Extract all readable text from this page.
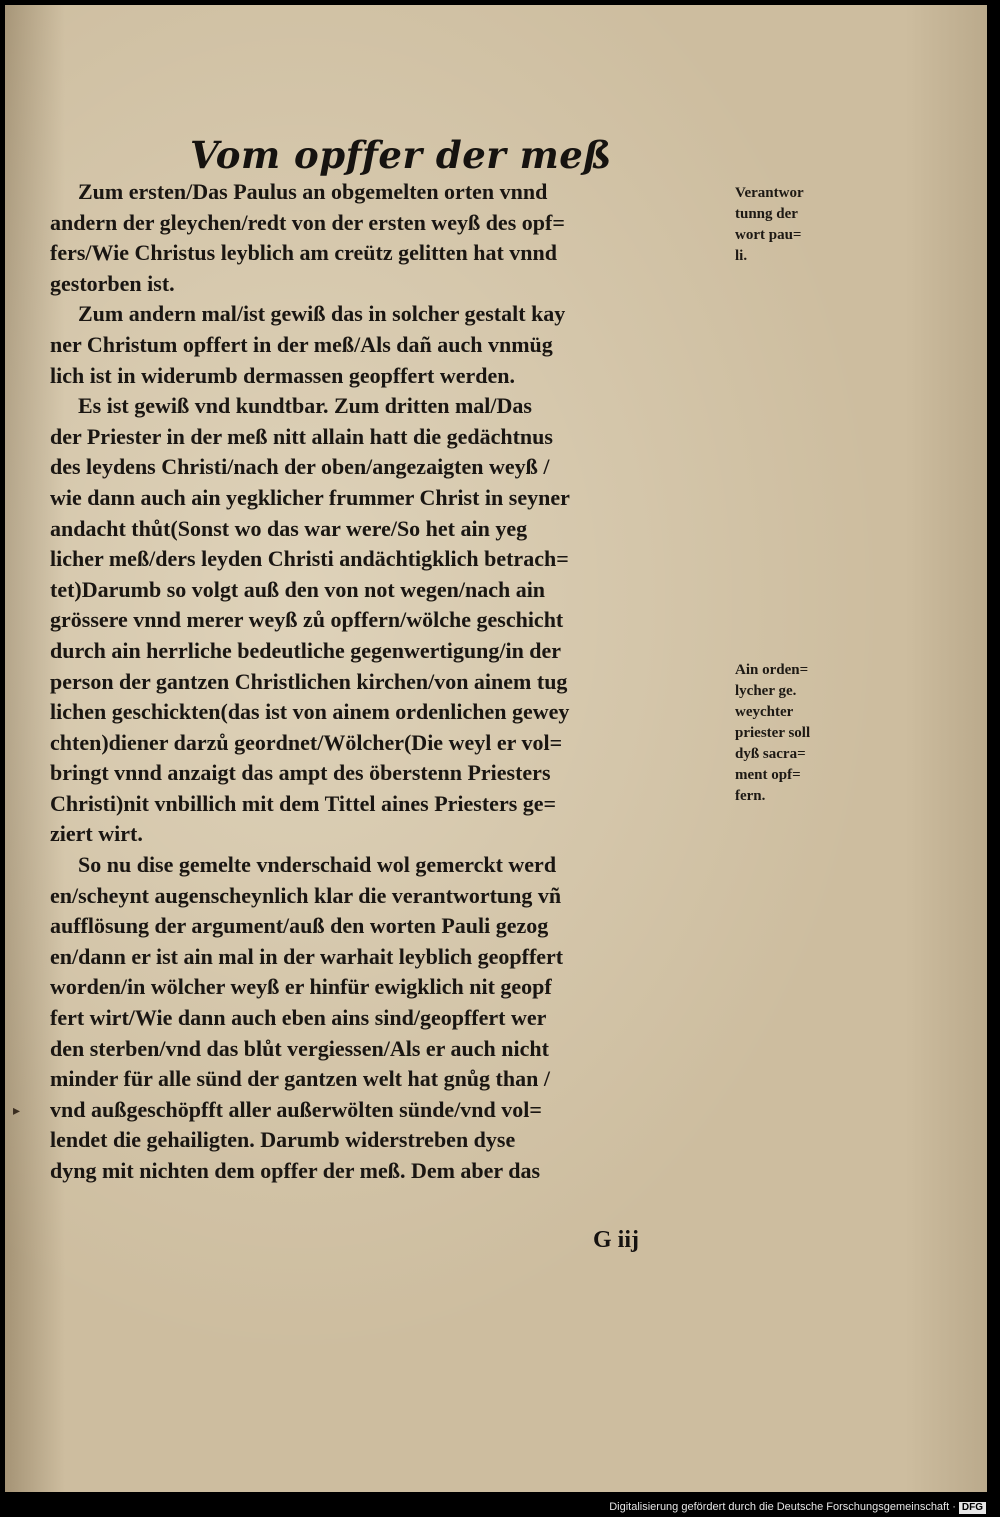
Vom opffer der meß
Zum ersten/Das Paulus an obgemelten orten vnnd
andern der gleychen/redt von der ersten weyß des opf=
fers/Wie Christus leyblich am creütz gelitten hat vnnd
gestorben ist.
Zum andern mal/ist gewiß das in solcher gestalt kay
ner Christum opffert in der meß/Als dañ auch vnmüg
lich ist in widerumb dermassen geopffert werden.
Es ist gewiß vnd kundtbar. Zum dritten mal/Das
der Priester in der meß nitt allain hatt die gedächtnus
des leydens Christi/nach der oben/angezaigten weyß /
wie dann auch ain yegklicher frummer Christ in seyner
andacht thůt(Sonst wo das war were/So het ain yeg
licher meß/ders leyden Christi andächtigklich betrach=
tet)Darumb so volgt auß den von not wegen/nach ain
grössere vnnd merer weyß zů opffern/wölche geschicht
durch ain herrliche bedeutliche gegenwertigung/in der
person der gantzen Christlichen kirchen/von ainem tug
lichen geschickten(das ist von ainem ordenlichen gewey
chten)diener darzů geordnet/Wölcher(Die weyl er vol=
bringt vnnd anzaigt das ampt des öberstenn Priesters
Christi)nit vnbillich mit dem Tittel aines Priesters ge=
ziert wirt.
So nu dise gemelte vnderschaid wol gemerckt werd
en/scheynt augenscheynlich klar die verantwortung vñ
aufflösung der argument/auß den worten Pauli gezog
en/dann er ist ain mal in der warhait leyblich geopffert
worden/in wölcher weyß er hinfür ewigklich nit geopf
fert wirt/Wie dann auch eben ains sind/geopffert wer
den sterben/vnd das blůt vergiessen/Als er auch nicht
minder für alle sünd der gantzen welt hat gnůg than /
vnd außgeschöpfft aller außerwölten sünde/vnd vol=
lendet die gehailigten. Darumb widerstreben dyse
dyng mit nichten dem opffer der meß. Dem aber das
Verantwor
tunng der
wort pau=
li.
Ain orden=
lycher ge.
weychter
priester soll
dyß sacra=
ment opf=
fern.
G iij
▸
Digitalisierung gefördert durch die Deutsche Forschungsgemeinschaft · DFG
